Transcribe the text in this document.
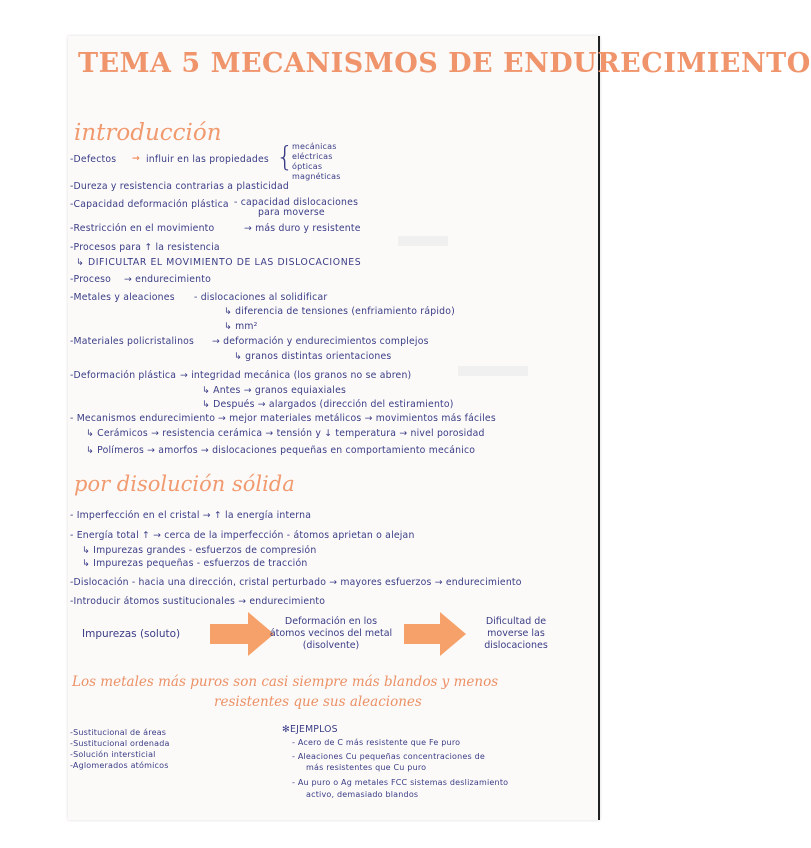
TEMA 5 MECANISMOS DE ENDURECIMIENTO
introducción
-Defectos → influir en las propiedades {
mecánicas
eléctricas
ópticas
magnéticas
-Dureza y resistencia contrarias a plasticidad
-Capacidad deformación plástica - capacidad dislocaciones
para moverse
-Restricción en el movimiento	→ más duro y resistente
-Procesos para ↑ la resistencia
↳ DIFICULTAR EL MOVIMIENTO DE LAS DISLOCACIONES
-Proceso → endurecimiento
-Metales y aleaciones - dislocaciones al solidificar
↳ diferencia de tensiones (enfriamiento rápido)
↳ mm²
-Materiales policristalinos → deformación y endurecimientos complejos
↳ granos distintas orientaciones
-Deformación plástica → integridad mecánica (los granos no se abren)
↳ Antes → granos equiaxiales
↳ Después → alargados (dirección del estiramiento)
- Mecanismos endurecimiento → mejor materiales metálicos → movimientos más fáciles
↳ Cerámicos → resistencia cerámica → tensión y ↓ temperatura → nivel porosidad
↳ Polímeros → amorfos → dislocaciones pequeñas en comportamiento mecánico
por disolución sólida
- Imperfección en el cristal → ↑ la energía interna
- Energía total ↑ → cerca de la imperfección - átomos aprietan o alejan
↳ Impurezas grandes - esfuerzos de compresión
↳ Impurezas pequeñas - esfuerzos de tracción
-Dislocación - hacia una dirección, cristal perturbado → mayores esfuerzos → endurecimiento
-Introducir átomos sustitucionales → endurecimiento
Impurezas (soluto)
Deformación en los átomos vecinos del metal (disolvente)
Dificultad de moverse las dislocaciones
Los metales más puros son casi siempre más blandos y menos
resistentes que sus aleaciones
-Sustitucional de áreas
-Sustitucional ordenada
-Solución intersticial
-Aglomerados atómicos
✻EJEMPLOS
- Acero de C más resistente que Fe puro
- Aleaciones Cu pequeñas concentraciones de
más resistentes que Cu puro
- Au puro o Ag metales FCC sistemas deslizamiento
activo, demasiado blandos
